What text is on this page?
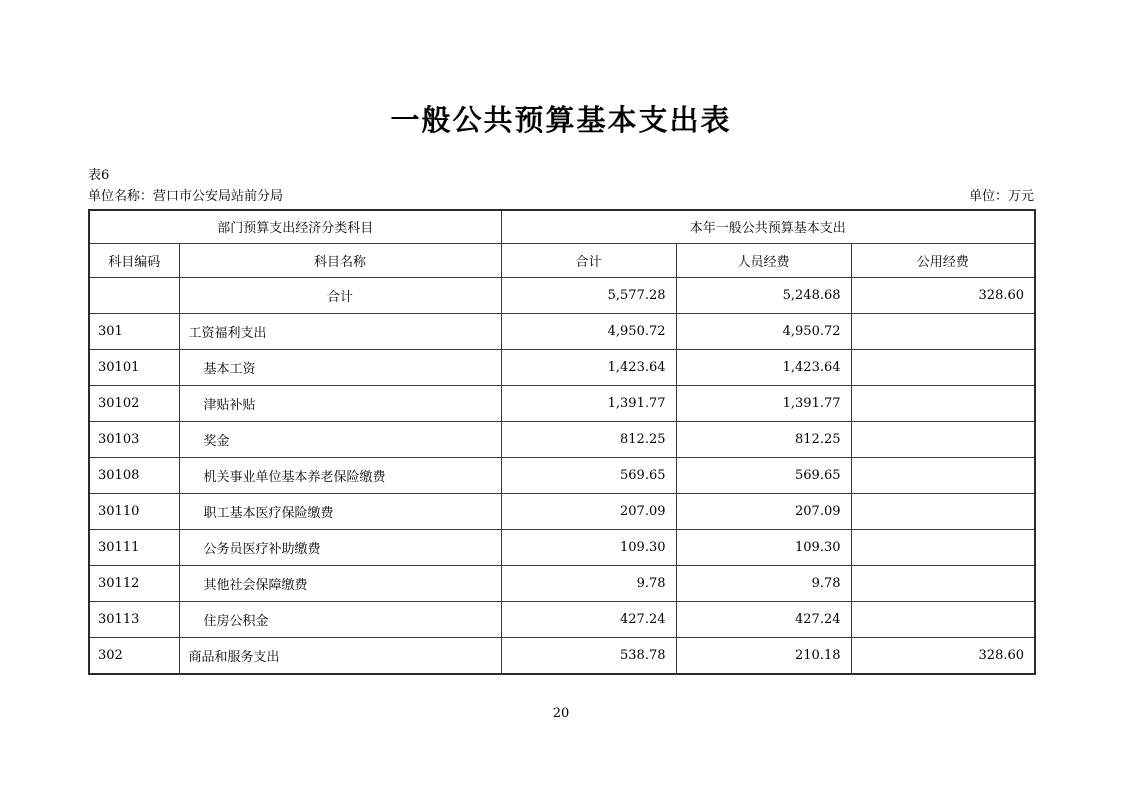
一般公共预算基本支出表
表6
单位名称：营口市公安局站前分局	单位：万元
部门预算支出经济分类科目		本年一般公共预算基本支出		
科目编码	科目名称	合计	人员经费	公用经费
	合计	5,577.28	5,248.68	328.60
301	工资福利支出	4,950.72	4,950.72	
30101	基本工资	1,423.64	1,423.64	
30102	津贴补贴	1,391.77	1,391.77	
30103	奖金	812.25	812.25	
30108	机关事业单位基本养老保险缴费	569.65	569.65	
30110	职工基本医疗保险缴费	207.09	207.09	
30111	公务员医疗补助缴费	109.30	109.30	
30112	其他社会保障缴费	9.78	9.78	
30113	住房公积金	427.24	427.24	
302	商品和服务支出	538.78	210.18	328.60
20
